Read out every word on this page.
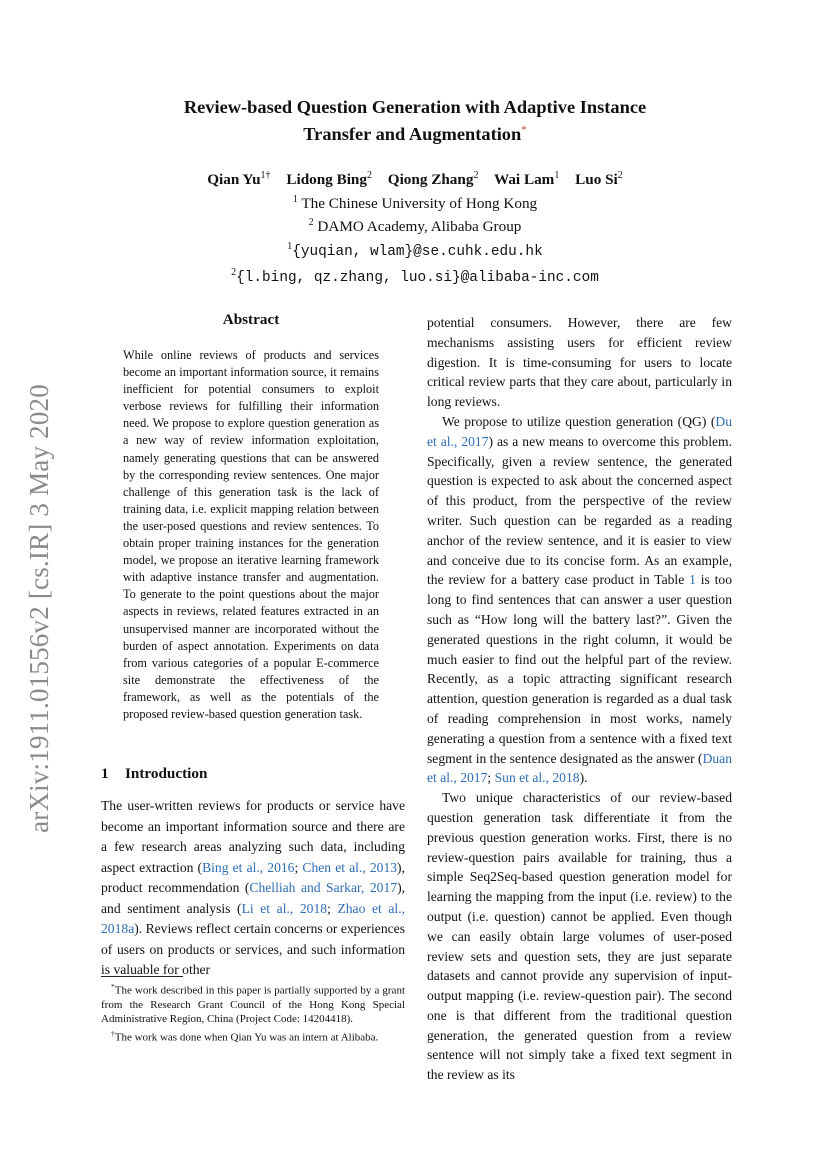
arXiv:1911.01556v2 [cs.IR] 3 May 2020
Review-based Question Generation with Adaptive Instance
Transfer and Augmentation*
Qian $Yu^{1\dagger}$ Lidong Bing$^2$ Qiong Zhang$^2$ Wai Lam$^1$ Luo Si$^2$
$^1$ The Chinese University of Hong Kong
$^2$ DAMO Academy, Alibaba Group
$^1${yuqian, wlam}@se.cuhk.edu.hk
$^2${l.bing, qz.zhang, luo.si}@alibaba-inc.com
Abstract
While online reviews of products and services become an important information source, it remains inefficient for potential consumers to exploit verbose reviews for fulfilling their information need. We propose to explore question generation as a new way of review information exploitation, namely generating questions that can be answered by the corresponding review sentences. One major challenge of this generation task is the lack of training data, i.e. explicit mapping relation between the user-posed questions and review sentences. To obtain proper training instances for the generation model, we propose an iterative learning framework with adaptive instance transfer and augmentation. To generate to the point questions about the major aspects in reviews, related features extracted in an unsupervised manner are incorporated without the burden of aspect annotation. Experiments on data from various categories of a popular E-commerce site demonstrate the effectiveness of the framework, as well as the potentials of the proposed review-based question generation task.
1 Introduction
The user-written reviews for products or service have become an important information source and there are a few research areas analyzing such data, including aspect extraction (Bing et al., 2016; Chen et al., 2013), product recommendation (Chelliah and Sarkar, 2017), and sentiment analysis (Li et al., 2018; Zhao et al., 2018a). Reviews reflect certain concerns or experiences of users on products or services, and such information is valuable for other

*The work described in this paper is partially supported by a grant from the Research Grant Council of the Hong Kong Special Administrative Region, China (Project Code: 14204418).

†The work was done when Qian Yu was an intern at Alibaba.

potential consumers. However, there are few mechanisms assisting users for efficient review digestion. It is time-consuming for users to locate critical review parts that they care about, particularly in long reviews.

We propose to utilize question generation (QG) (Du et al., 2017) as a new means to overcome this problem. Specifically, given a review sentence, the generated question is expected to ask about the concerned aspect of this product, from the perspective of the review writer. Such question can be regarded as a reading anchor of the review sentence, and it is easier to view and conceive due to its concise form. As an example, the review for a battery case product in Table 1 is too long to find sentences that can answer a user question such as “How long will the battery last?”. Given the generated questions in the right column, it would be much easier to find out the helpful part of the review. Recently, as a topic attracting significant research attention, question generation is regarded as a dual task of reading comprehension in most works, namely generating a question from a sentence with a fixed text segment in the sentence designated as the answer (Duan et al., 2017; Sun et al., 2018).

Two unique characteristics of our review-based question generation task differentiate it from the previous question generation works. First, there is no review-question pairs available for training, thus a simple Seq2Seq-based question generation model for learning the mapping from the input (i.e. review) to the output (i.e. question) cannot be applied. Even though we can easily obtain large volumes of user-posed review sets and question sets, they are just separate datasets and cannot provide any supervision of input-output mapping (i.e. review-question pair). The second one is that different from the traditional question generation, the generated question from a review sentence will not simply take a fixed text segment in the review as its
